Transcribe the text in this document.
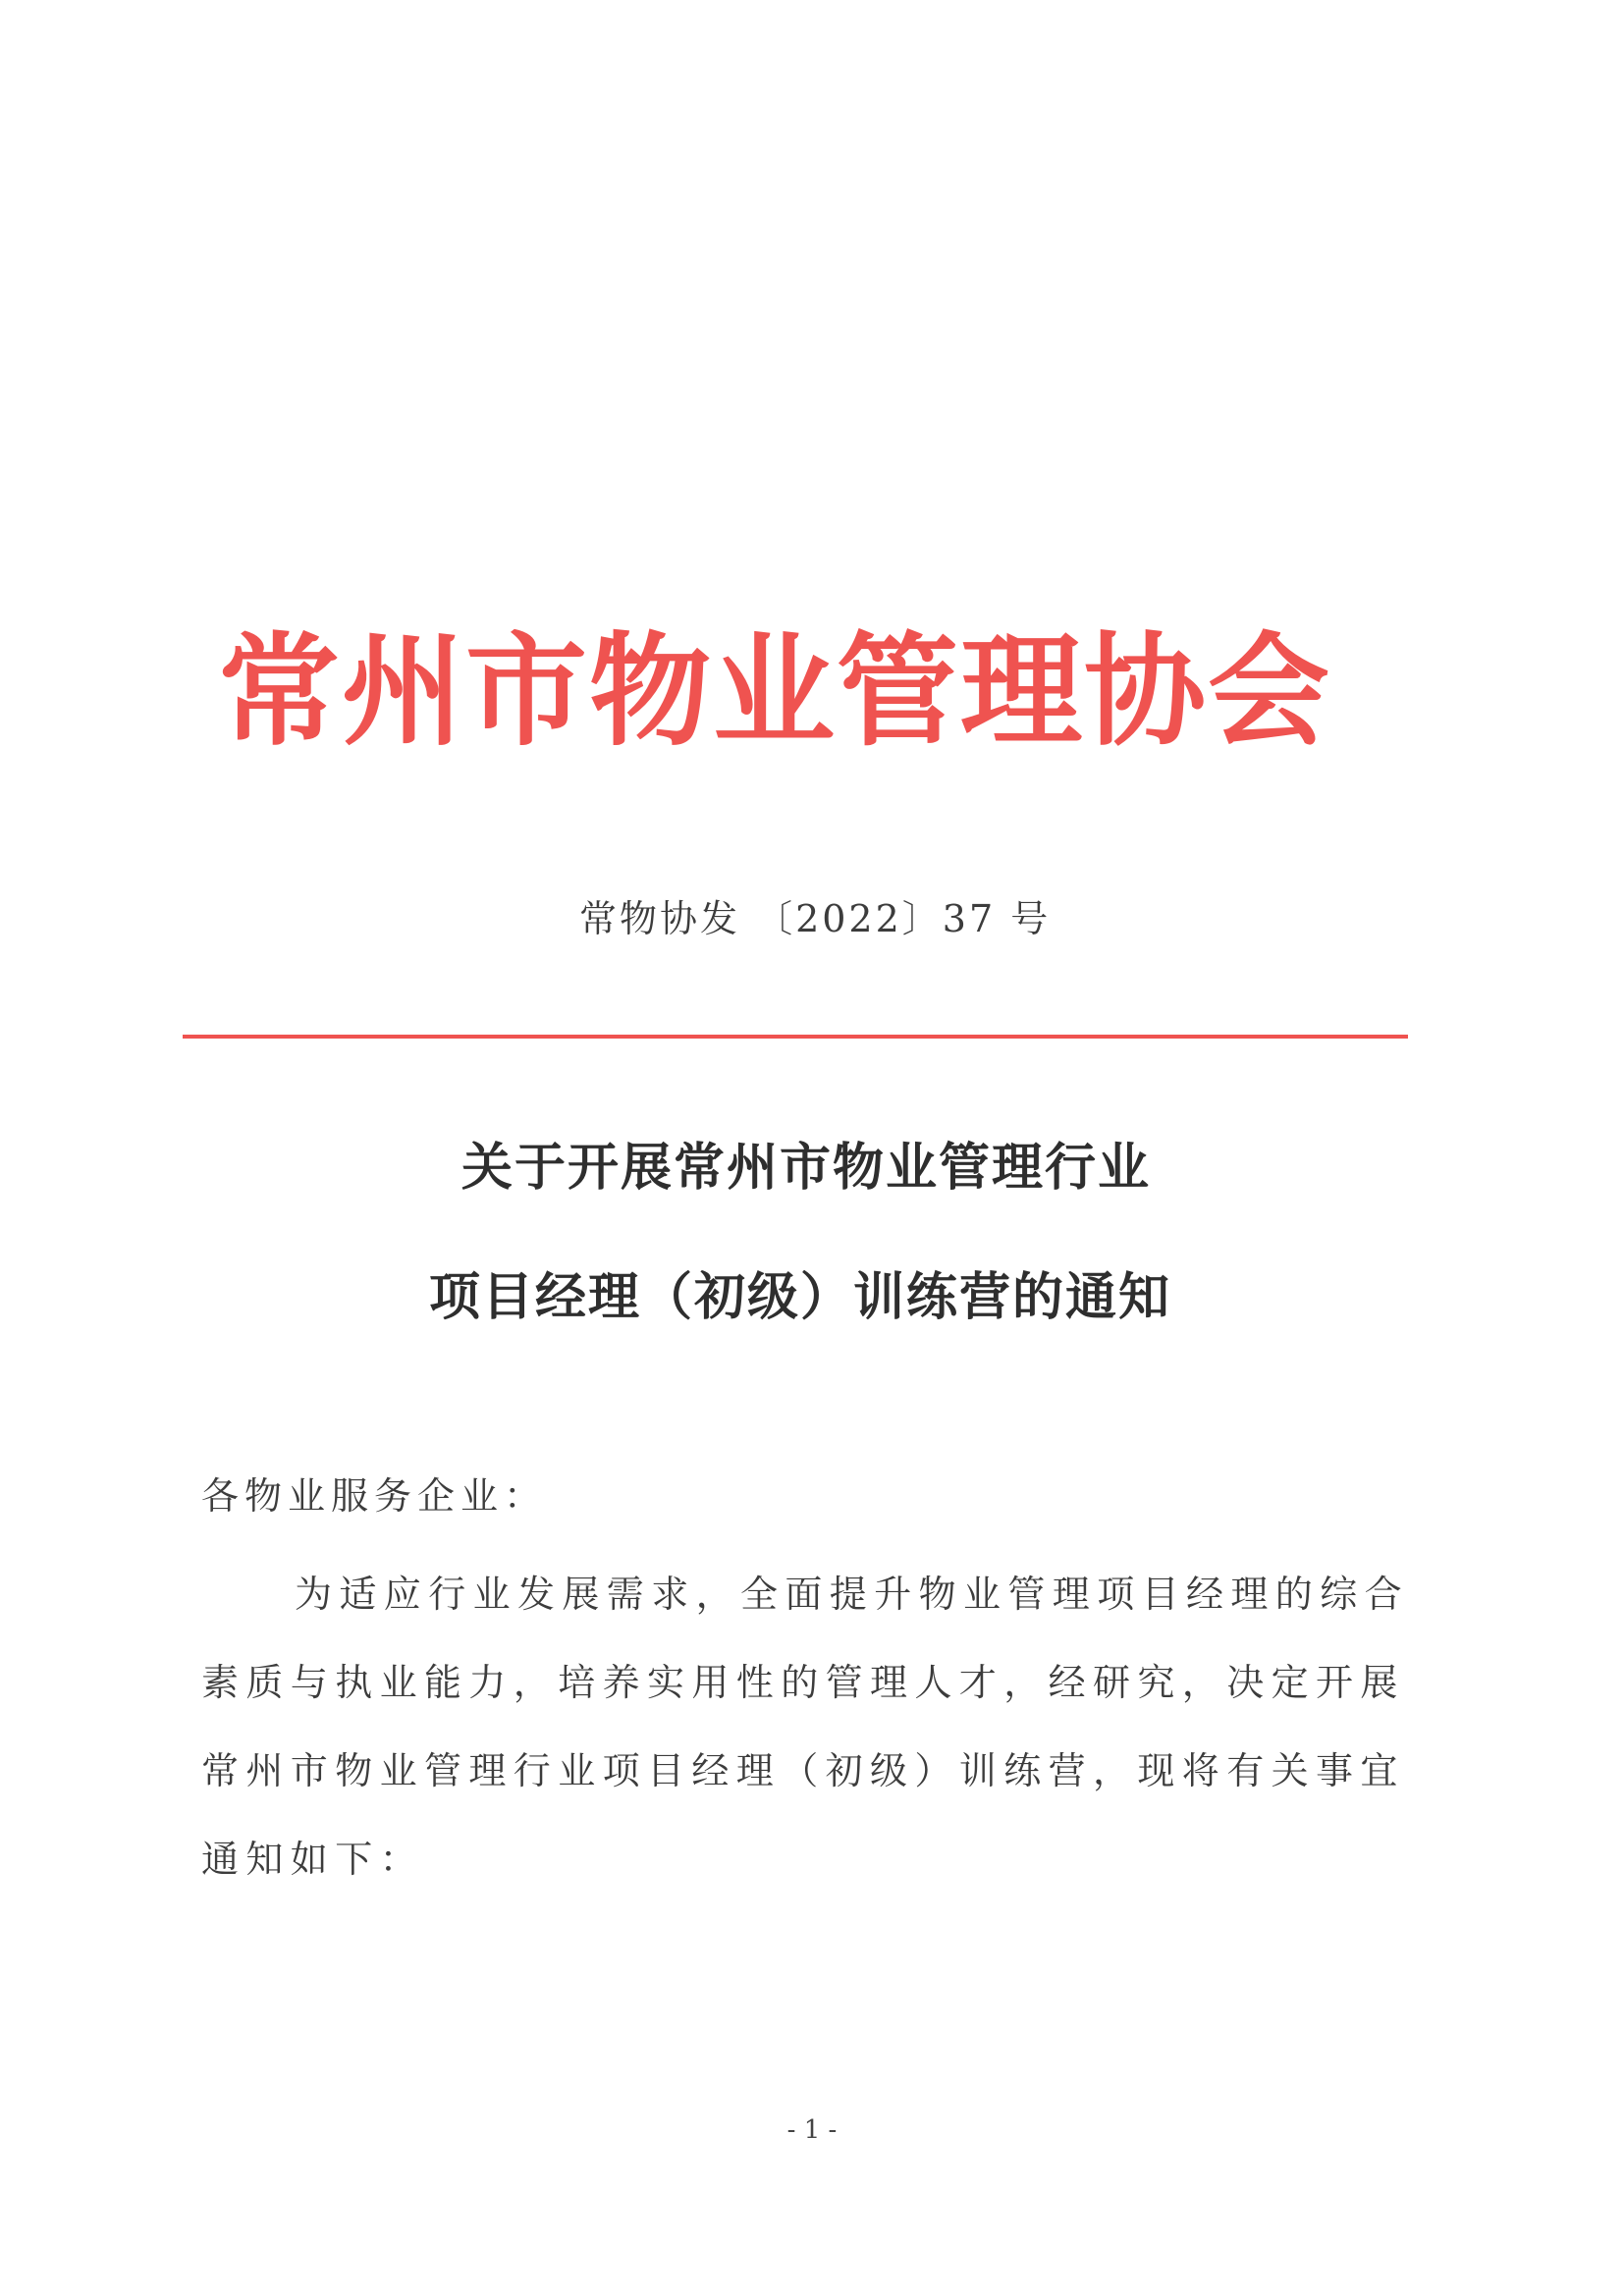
常州市物业管理协会
常物协发 〔2022〕37 号
关于开展常州市物业管理行业
项目经理（初级）训练营的通知
各物业服务企业：
为适应行业发展需求，全面提升物业管理项目经理的综合
素质与执业能力，培养实用性的管理人才，经研究，决定开展
常州市物业管理行业项目经理（初级）训练营，现将有关事宜
通知如下：
- 1 -
